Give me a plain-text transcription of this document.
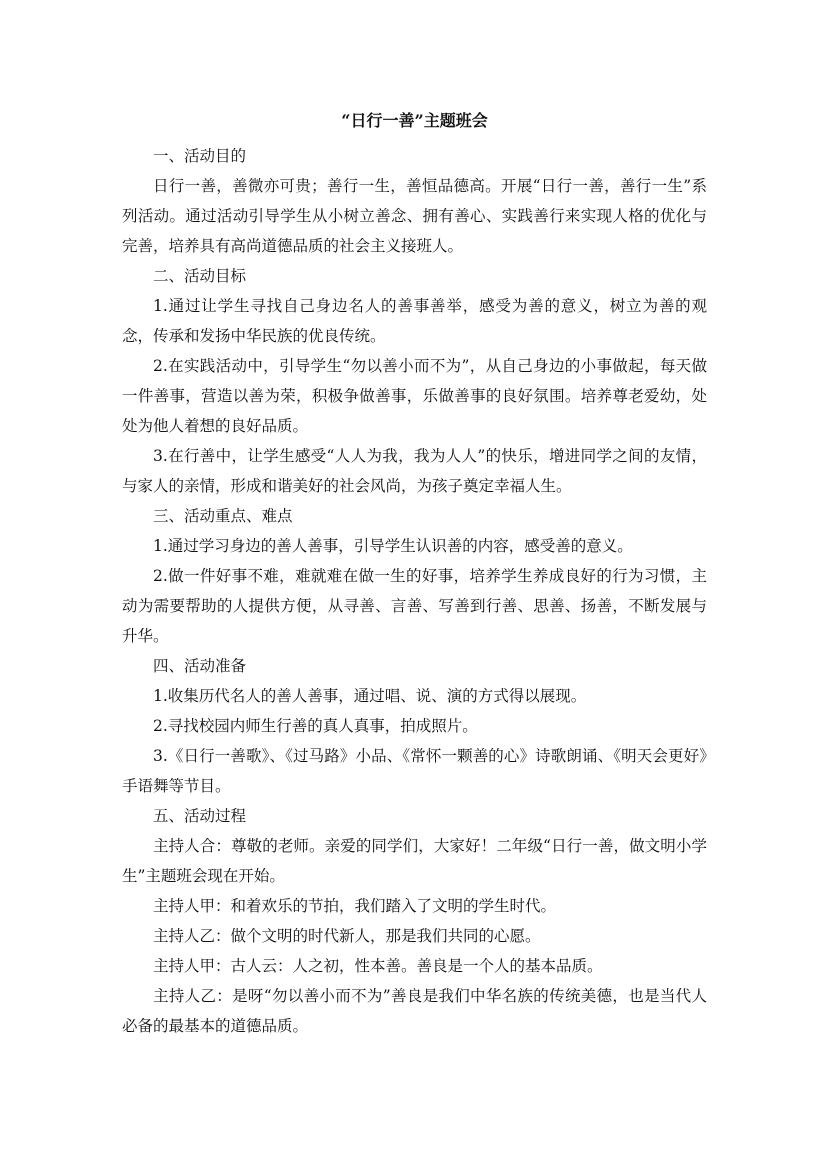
“日行一善”主题班会

一、活动目的

日行一善，善微亦可贵；善行一生，善恒品德高。开展“日行一善，善行一生”系列活动。通过活动引导学生从小树立善念、拥有善心、实践善行来实现人格的优化与完善，培养具有高尚道德品质的社会主义接班人。

二、活动目标

1.通过让学生寻找自己身边名人的善事善举，感受为善的意义，树立为善的观念，传承和发扬中华民族的优良传统。

2.在实践活动中，引导学生“勿以善小而不为”，从自己身边的小事做起，每天做一件善事，营造以善为荣，积极争做善事，乐做善事的良好氛围。培养尊老爱幼，处处为他人着想的良好品质。

3.在行善中，让学生感受“人人为我，我为人人”的快乐，增进同学之间的友情，与家人的亲情，形成和谐美好的社会风尚，为孩子奠定幸福人生。

三、活动重点、难点

1.通过学习身边的善人善事，引导学生认识善的内容，感受善的意义。

2.做一件好事不难，难就难在做一生的好事，培养学生养成良好的行为习惯，主动为需要帮助的人提供方便，从寻善、言善、写善到行善、思善、扬善，不断发展与升华。

四、活动准备

1.收集历代名人的善人善事，通过唱、说、演的方式得以展现。

2.寻找校园内师生行善的真人真事，拍成照片。

3.《日行一善歌》、《过马路》小品、《常怀一颗善的心》诗歌朗诵、《明天会更好》手语舞等节目。

五、活动过程

主持人合：尊敬的老师。亲爱的同学们，大家好！二年级“日行一善，做文明小学生”主题班会现在开始。

主持人甲：和着欢乐的节拍，我们踏入了文明的学生时代。

主持人乙：做个文明的时代新人，那是我们共同的心愿。

主持人甲：古人云：人之初，性本善。善良是一个人的基本品质。

主持人乙：是呀“勿以善小而不为”善良是我们中华名族的传统美德，也是当代人必备的最基本的道德品质。
